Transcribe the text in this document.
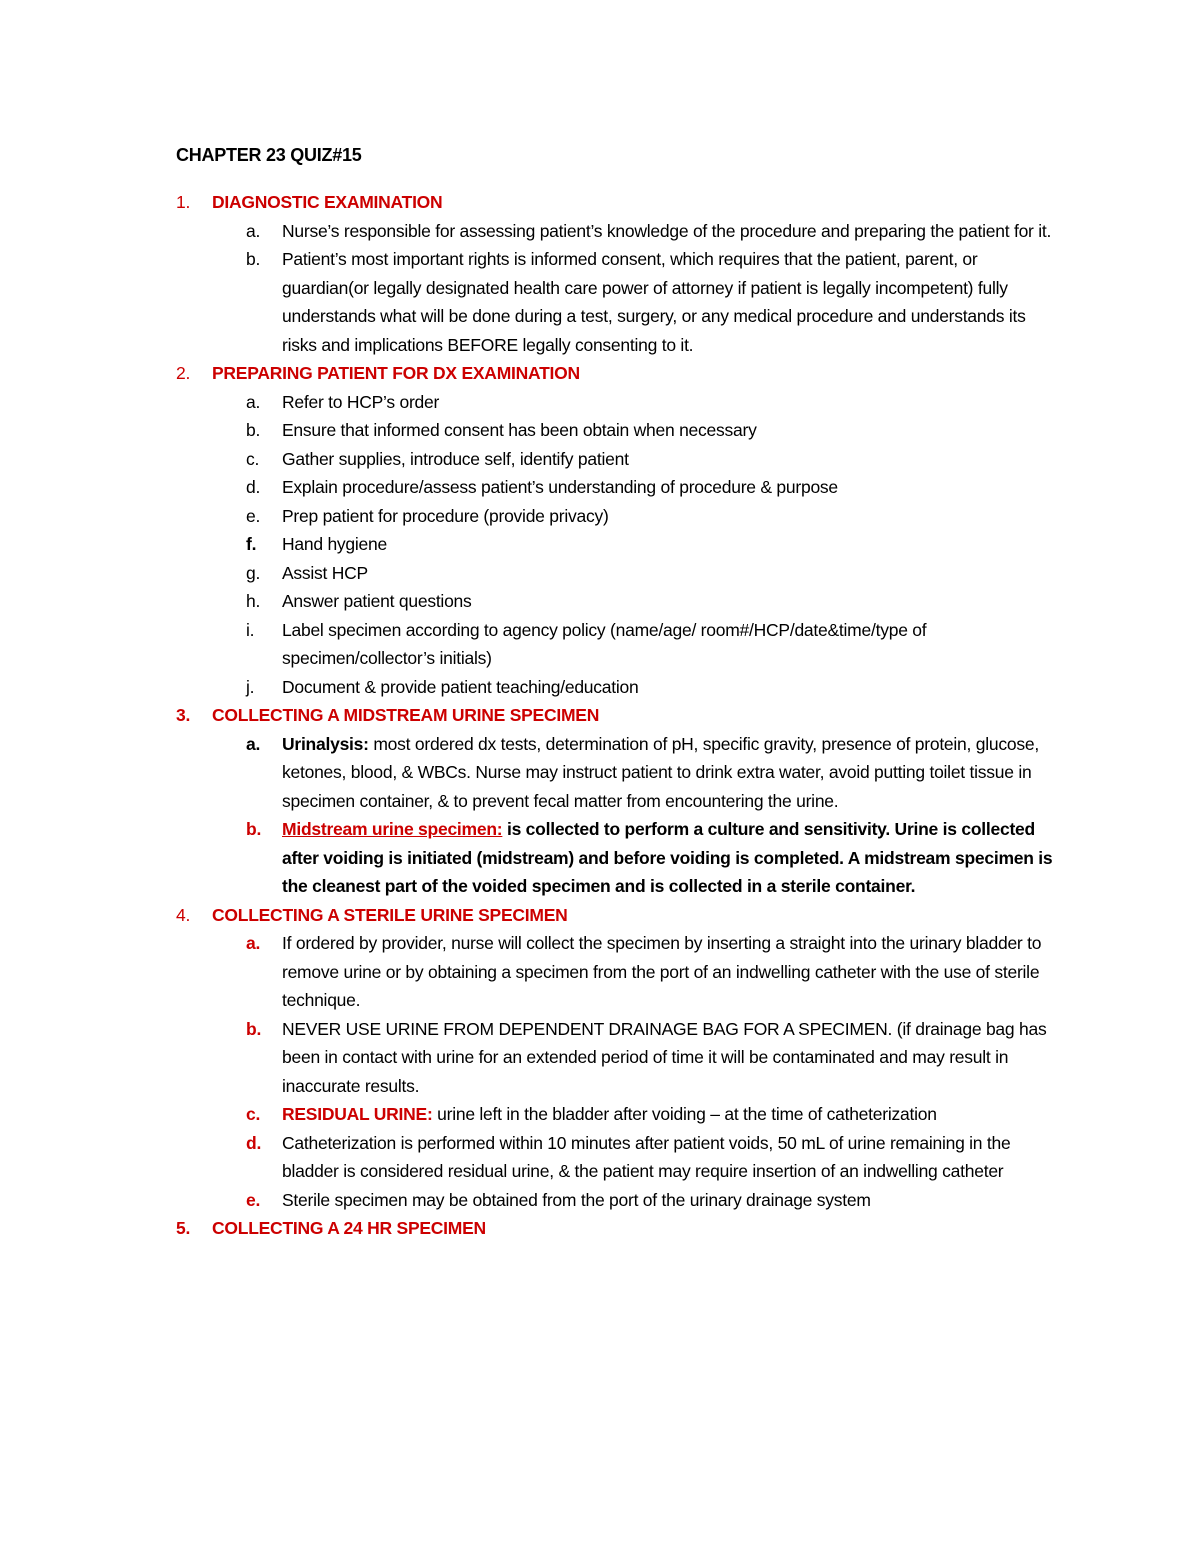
CHAPTER 23 QUIZ#15
1. DIAGNOSTIC EXAMINATION
a. Nurse’s responsible for assessing patient’s knowledge of the procedure and preparing the patient for it.
b. Patient’s most important rights is informed consent, which requires that the patient, parent, or guardian(or legally designated health care power of attorney if patient is legally incompetent) fully understands what will be done during a test, surgery, or any medical procedure and understands its risks and implications BEFORE legally consenting to it.
2. PREPARING PATIENT FOR DX EXAMINATION
a. Refer to HCP’s order
b. Ensure that informed consent has been obtain when necessary
c. Gather supplies, introduce self, identify patient
d. Explain procedure/assess patient’s understanding of procedure & purpose
e. Prep patient for procedure (provide privacy)
f. Hand hygiene
g. Assist HCP
h. Answer patient questions
i. Label specimen according to agency policy (name/age/ room#/HCP/date&time/type of specimen/collector’s initials)
j. Document & provide patient teaching/education
3. COLLECTING A MIDSTREAM URINE SPECIMEN
a. Urinalysis: most ordered dx tests, determination of pH, specific gravity, presence of protein, glucose, ketones, blood, & WBCs. Nurse may instruct patient to drink extra water, avoid putting toilet tissue in specimen container, & to prevent fecal matter from encountering the urine.
b. Midstream urine specimen: is collected to perform a culture and sensitivity. Urine is collected after voiding is initiated (midstream) and before voiding is completed. A midstream specimen is the cleanest part of the voided specimen and is collected in a sterile container.
4. COLLECTING A STERILE URINE SPECIMEN
a. If ordered by provider, nurse will collect the specimen by inserting a straight into the urinary bladder to remove urine or by obtaining a specimen from the port of an indwelling catheter with the use of sterile technique.
b. NEVER USE URINE FROM DEPENDENT DRAINAGE BAG FOR A SPECIMEN. (if drainage bag has been in contact with urine for an extended period of time it will be contaminated and may result in inaccurate results.
c. RESIDUAL URINE: urine left in the bladder after voiding – at the time of catheterization
d. Catheterization is performed within 10 minutes after patient voids, 50 mL of urine remaining in the bladder is considered residual urine, & the patient may require insertion of an indwelling catheter
e. Sterile specimen may be obtained from the port of the urinary drainage system
5. COLLECTING A 24 HR SPECIMEN
